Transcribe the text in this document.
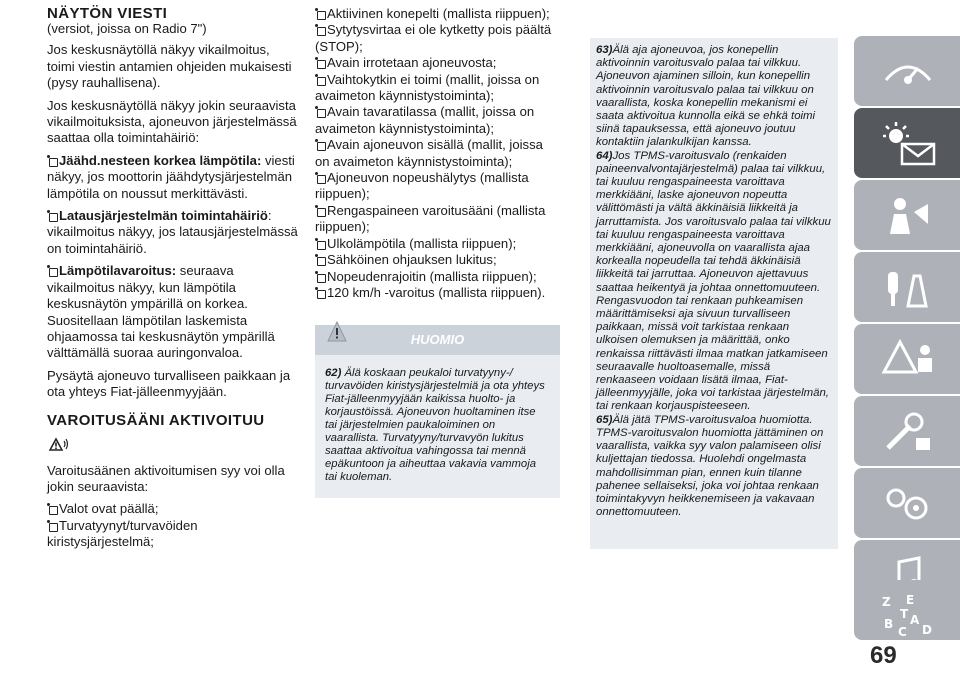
NÄYTÖN VIESTI

(versiot, joissa on Radio 7")

Jos keskusnäytöllä näkyy vikailmoitus, toimi viestin antamien ohjeiden mukaisesti (pysy rauhallisena).

Jos keskusnäytöllä näkyy jokin seuraavista vikailmoituksista, ajoneuvon järjestelmässä saattaa olla toimintahäiriö:

Jäähd.nesteen korkea lämpötila: viesti näkyy, jos moottorin jäähdytysjärjestelmän lämpötila on noussut merkittävästi.

Latausjärjestelmän toimintahäiriö: vikailmoitus näkyy, jos latausjärjestelmässä on toimintahäiriö.

Lämpötilavaroitus: seuraava vikailmoitus näkyy, kun lämpötila keskusnäytön ympärillä on korkea. Suositellaan lämpötilan laskemista ohjaamossa tai keskusnäytön ympärillä välttämällä suoraa auringonvaloa.

Pysäytä ajoneuvo turvalliseen paikkaan ja ota yhteys Fiat-jälleenmyyjään.

VAROITUSÄÄNI AKTIVOITUU

Varoitusäänen aktivoitumisen syy voi olla jokin seuraavista:

Valot ovat päällä;

Turvatyynyt/turvavöiden kiristysjärjestelmä;

Aktiivinen konepelti (mallista riippuen);

Sytytysvirtaa ei ole kytketty pois päältä (STOP);

Avain irrotetaan ajoneuvosta;

Vaihtokytkin ei toimi (mallit, joissa on avaimeton käynnistystoiminta);

Avain tavaratilassa (mallit, joissa on avaimeton käynnistystoiminta);

Avain ajoneuvon sisällä (mallit, joissa on avaimeton käynnistystoiminta);

Ajoneuvon nopeushälytys (mallista riippuen);

Rengaspaineen varoitusääni (mallista riippuen);

Ulkolämpötila (mallista riippuen);

Sähköinen ohjauksen lukitus;

Nopeudenrajoitin (mallista riippuen);

120 km/h -varoitus (mallista riippuen).

HUOMIO

62) Älä koskaan peukaloi turvatyyny-/ turvavöiden kiristysjärjestelmiä ja ota yhteys Fiat-jälleenmyyjään kaikissa huolto- ja korjaustöissä. Ajoneuvon huoltaminen itse tai järjestelmien paukaloiminen on vaarallista. Turvatyyny/turvavyön lukitus saattaa aktivoitua vahingossa tai mennä epäkuntoon ja aiheuttaa vakavia vammoja tai kuoleman.

63)Älä aja ajoneuvoa, jos konepellin aktivoinnin varoitusvalo palaa tai vilkkuu. Ajoneuvon ajaminen silloin, kun konepellin aktivoinnin varoitusvalo palaa tai vilkkuu on vaarallista, koska konepellin mekanismi ei saata aktivoitua kunnolla eikä se ehkä toimi siinä tapauksessa, että ajoneuvo joutuu kontaktiin jalankulkijan kanssa.

64)Jos TPMS-varoitusvalo (renkaiden paineenvalvontajärjestelmä) palaa tai vilkkuu, tai kuuluu rengaspaineesta varoittava merkkiääni, laske ajoneuvon nopeutta välittömästi ja vältä äkkinäisiä liikkeitä ja jarruttamista. Jos varoitusvalo palaa tai vilkkuu tai kuuluu rengaspaineesta varoittava merkkiääni, ajoneuvolla on vaarallista ajaa korkealla nopeudella tai tehdä äkkinäisiä liikkeitä tai jarruttaa. Ajoneuvon ajettavuus saattaa heikentyä ja johtaa onnettomuuteen. Rengasvuodon tai renkaan puhkeamisen määrittämiseksi aja sivuun turvalliseen paikkaan, missä voit tarkistaa renkaan ulkoisen olemuksen ja määrittää, onko renkaissa riittävästi ilmaa matkan jatkamiseen seuraavalle huoltoasemalle, missä renkaaseen voidaan lisätä ilmaa, Fiat-jälleenmyyjälle, joka voi tarkistaa järjestelmän, tai renkaan korjauspisteeseen.

65)Älä jätä TPMS-varoitusvaloa huomiotta. TPMS-varoitusvalon huomiotta jättäminen on vaarallista, vaikka syy valon palamiseen olisi kuljettajan tiedossa. Huolehdi ongelmasta mahdollisimman pian, ennen kuin tilanne pahenee sellaiseksi, joka voi johtaa renkaan toimintakyvyn heikkenemiseen ja vakavaan onnettomuuteen.

Z E
B
C
A
D
T
69
